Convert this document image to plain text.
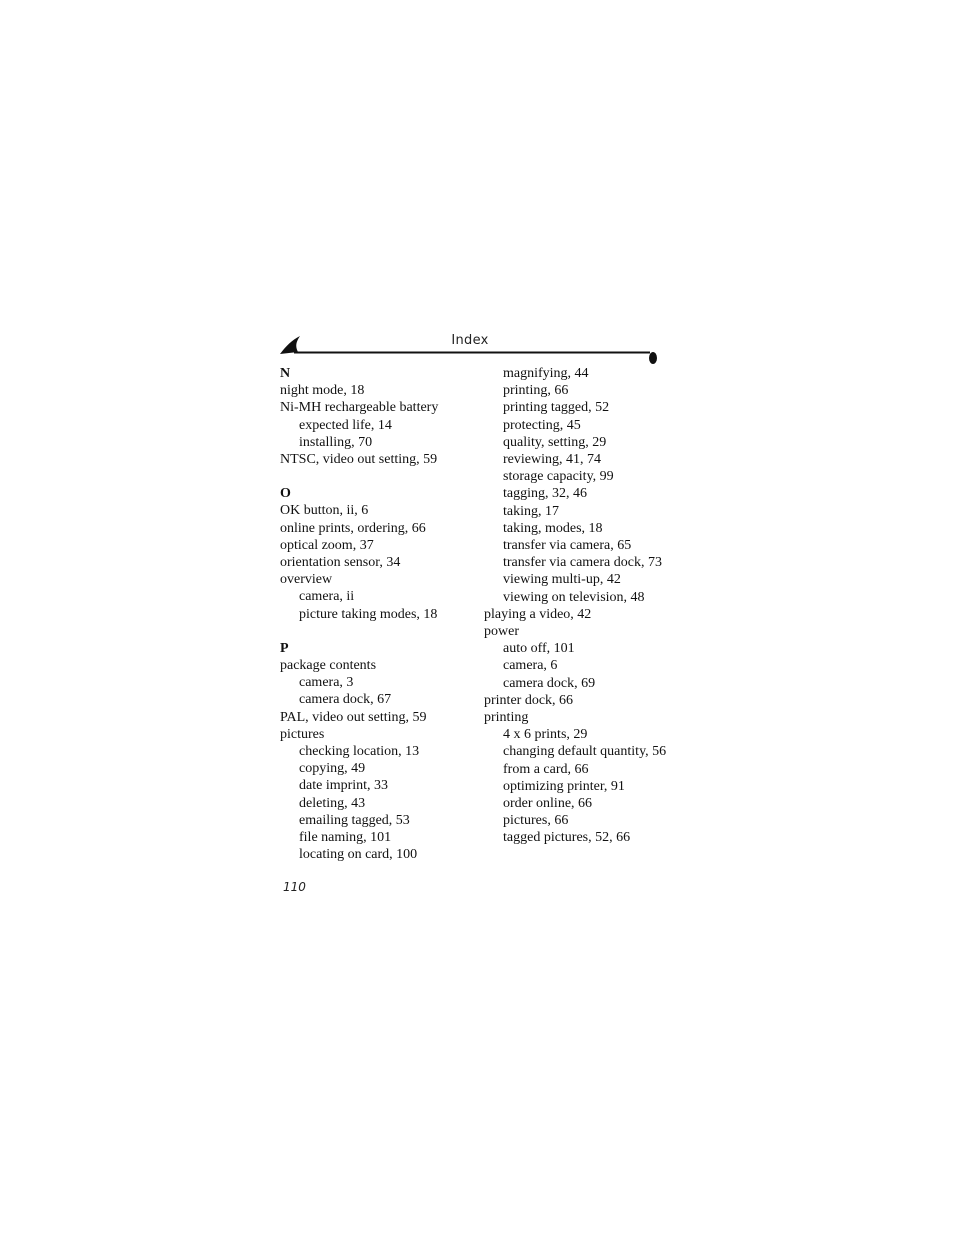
Index
N
night mode, 18
Ni-MH rechargeable battery
expected life, 14
installing, 70
NTSC, video out setting, 59
O
OK button, ii, 6
online prints, ordering, 66
optical zoom, 37
orientation sensor, 34
overview
camera, ii
picture taking modes, 18
P
package contents
camera, 3
camera dock, 67
PAL, video out setting, 59
pictures
checking location, 13
copying, 49
date imprint, 33
deleting, 43
emailing tagged, 53
file naming, 101
locating on card, 100
magnifying, 44
printing, 66
printing tagged, 52
protecting, 45
quality, setting, 29
reviewing, 41, 74
storage capacity, 99
tagging, 32, 46
taking, 17
taking, modes, 18
transfer via camera, 65
transfer via camera dock, 73
viewing multi-up, 42
viewing on television, 48
playing a video, 42
power
auto off, 101
camera, 6
camera dock, 69
printer dock, 66
printing
4 x 6 prints, 29
changing default quantity, 56
from a card, 66
optimizing printer, 91
order online, 66
pictures, 66
tagged pictures, 52, 66
110
